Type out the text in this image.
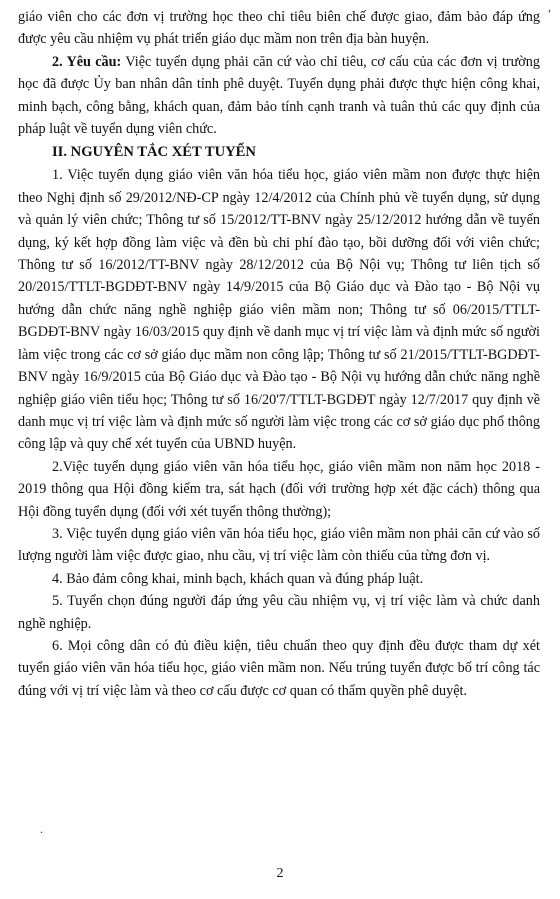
,
.

giáo viên cho các đơn vị trường học theo chỉ tiêu biên chế được giao, đảm bảo đáp ứng được yêu cầu nhiệm vụ phát triển giáo dục mầm non trên địa bàn huyện.

2. Yêu cầu: Việc tuyển dụng phải căn cứ vào chỉ tiêu, cơ cấu của các đơn vị trường học đã được Ủy ban nhân dân tỉnh phê duyệt. Tuyển dụng phải được thực hiện công khai, minh bạch, công bằng, khách quan, đảm bảo tính cạnh tranh và tuân thủ các quy định của pháp luật về tuyển dụng viên chức.

II. NGUYÊN TẮC XÉT TUYỂN

1. Việc tuyển dụng giáo viên văn hóa tiểu học, giáo viên mầm non được thực hiện theo Nghị định số 29/2012/NĐ-CP ngày 12/4/2012 của Chính phủ về tuyển dụng, sử dụng và quản lý viên chức; Thông tư số 15/2012/TT-BNV ngày 25/12/2012 hướng dẫn về tuyển dụng, ký kết hợp đồng làm việc và đền bù chi phí đào tạo, bồi dưỡng đối với viên chức; Thông tư số 16/2012/TT-BNV ngày 28/12/2012 của Bộ Nội vụ; Thông tư liên tịch số 20/2015/TTLT-BGDĐT-BNV ngày 14/9/2015 của Bộ Giáo dục và Đào tạo - Bộ Nội vụ hướng dẫn chức năng nghề nghiệp giáo viên mầm non; Thông tư số 06/2015/TTLT-BGDĐT-BNV ngày 16/03/2015 quy định về danh mục vị trí việc làm và định mức số người làm việc trong các cơ sở giáo dục mầm non công lập; Thông tư số 21/2015/TTLT-BGDĐT-BNV ngày 16/9/2015 của Bộ Giáo dục và Đào tạo - Bộ Nội vụ hướng dẫn chức năng nghề nghiệp giáo viên tiểu học; Thông tư số 16/20'7/TTLT-BGDĐT ngày 12/7/2017 quy định về danh mục vị trí việc làm và định mức số người làm việc trong các cơ sở giáo dục phổ thông công lập và quy chế xét tuyển của UBND huyện.

2.Việc tuyển dụng giáo viên văn hóa tiểu học, giáo viên mầm non năm học 2018 - 2019 thông qua Hội đồng kiểm tra, sát hạch (đối với trường hợp xét đặc cách) thông qua Hội đồng tuyển dụng (đối với xét tuyển thông thường);

3. Việc tuyển dụng giáo viên văn hóa tiểu học, giáo viên mầm non phải căn cứ vào số lượng người làm việc được giao, nhu cầu, vị trí việc làm còn thiếu của từng đơn vị.

4. Bảo đảm công khai, minh bạch, khách quan và đúng pháp luật.

5. Tuyển chọn đúng người đáp ứng yêu cầu nhiệm vụ, vị trí việc làm và chức danh nghề nghiệp.

6. Mọi công dân có đủ điều kiện, tiêu chuẩn theo quy định đều được tham dự xét tuyển giáo viên văn hóa tiểu học, giáo viên mầm non. Nếu trúng tuyển được bố trí công tác đúng với vị trí việc làm và theo cơ cấu được cơ quan có thẩm quyền phê duyệt.

2
